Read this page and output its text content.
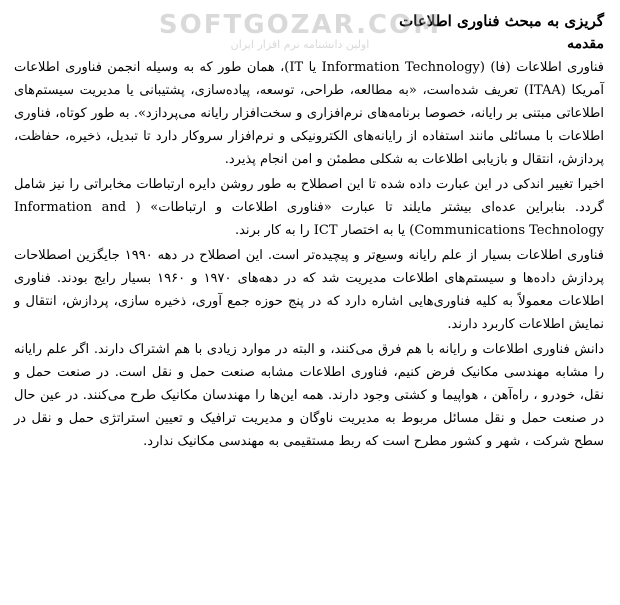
گریزی به مبحث فناوری اطلاعات
مقدمه

فناوری اطلاعات (فا) (Information Technology یا IT)، همان طور که به وسیله انجمن فناوری اطلاعات آمریکا (ITAA) تعریف شده‌است، «به مطالعه، طراحی، توسعه، پیاده‌سازی، پشتیبانی یا مدیریت سیستم‌های اطلاعاتی مبتنی بر رایانه، خصوصا برنامه‌های نرم‌افزاری و سخت‌افزار رایانه می‌پردازد». به طور کوتاه، فناوری اطلاعات با مسائلی مانند استفاده از رایانه‌های الکترونیکی و نرم‌افزار سروکار دارد تا تبدیل، ذخیره، حفاظت، پردازش، انتقال و بازیابی اطلاعات به شکلی مطمئن و امن انجام پذیرد.

اخیرا تغییر اندکی در این عبارت داده شده تا این اصطلاح به طور روشن دایره ارتباطات مخابراتی را نیز شامل گردد. بنابراین عده‌ای بیشتر مایلند تا عبارت «فناوری اطلاعات و ارتباطات» ( Information and Communications Technology) یا به اختصار ICT را به کار برند.

فناوری اطلاعات بسیار از علم رایانه وسیع‌تر و پیچیده‌تر است. این اصطلاح در دهه ۱۹۹۰ جایگزین اصطلاحات پردازش داده‌ها و سیستم‌های اطلاعات مدیریت شد که در دهه‌های ۱۹۷۰ و ۱۹۶۰ بسیار رایج بودند. فناوری اطلاعات معمولاً به کلیه فناوری‌هایی اشاره دارد که در پنج حوزه جمع آوری، ذخیره سازی، پردازش، انتقال و نمایش اطلاعات کاربرد دارند.

دانش فناوری اطلاعات و رایانه با هم فرق می‌کنند، و البته در موارد زیادی با هم اشتراک دارند. اگر علم رایانه را مشابه مهندسی مکانیک فرض کنیم، فناوری اطلاعات مشابه صنعت حمل و نقل است. در صنعت حمل و نقل، خودرو ، راه‌آهن ، هواپیما و کشتی وجود دارند. همه این‌ها را مهندسان مکانیک طرح می‌کنند. در عین حال در صنعت حمل و نقل مسائل مربوط به مدیریت ناوگان و مدیریت ترافیک و تعیین استراتژی حمل و نقل در سطح شرکت ، شهر و کشور مطرح است که ربط مستقیمی به مهندسی مکانیک ندارد.

SOFTGOZAR.COM
اولین دانشنامه نرم افزار ایران
